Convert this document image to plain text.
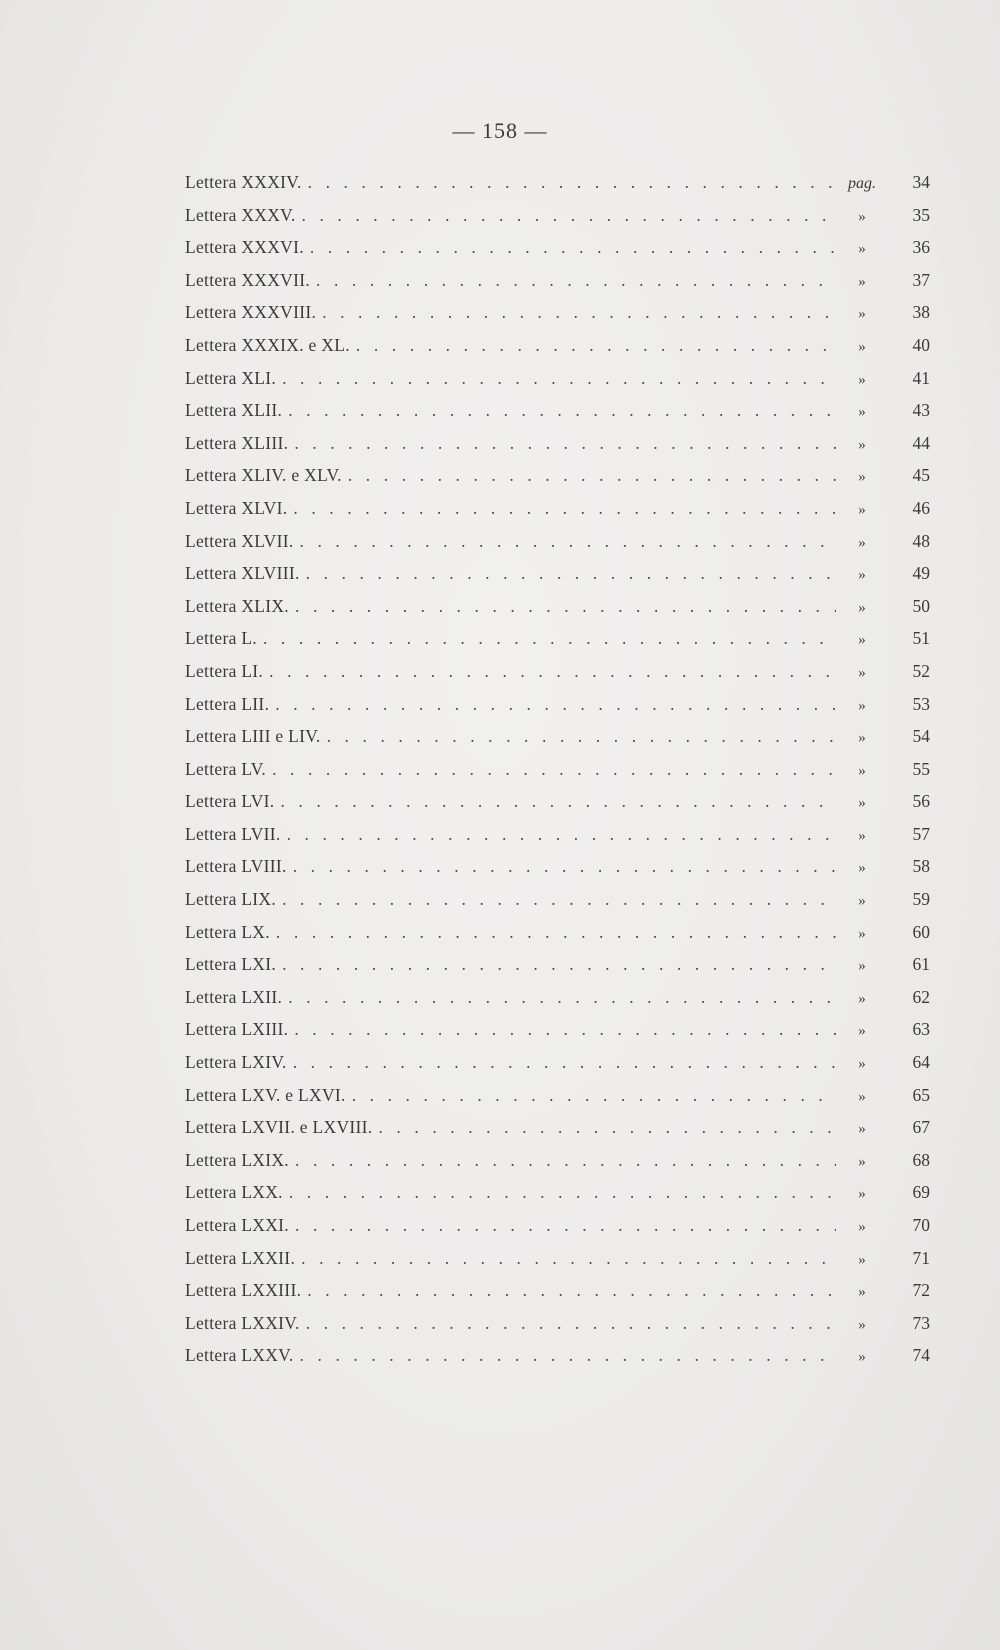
— 158 —
Lettera XXXIV. . . .	pag.	34
Lettera XXXV. . . .	»	35
Lettera XXXVI. . . .	»	36
Lettera XXXVII. . . .	»	37
Lettera XXXVIII. . . .	»	38
Lettera XXXIX. e XL. . . .	»	40
Lettera XLI. . . .	»	41
Lettera XLII. . . .	»	43
Lettera XLIII. . . .	»	44
Lettera XLIV. e XLV. . . .	»	45
Lettera XLVI. . . .	»	46
Lettera XLVII. . . .	»	48
Lettera XLVIII. . . .	»	49
Lettera XLIX. . . .	»	50
Lettera L. . . .	»	51
Lettera LI. . . .	»	52
Lettera LII. . . .	»	53
Lettera LIII e LIV. . . .	»	54
Lettera LV. . . .	»	55
Lettera LVI. . . .	»	56
Lettera LVII. . . .	»	57
Lettera LVIII. . . .	»	58
Lettera LIX. . . .	»	59
Lettera LX. . . .	»	60
Lettera LXI. . . .	»	61
Lettera LXII. . . .	»	62
Lettera LXIII. . . .	»	63
Lettera LXIV. . . .	»	64
Lettera LXV. e LXVI. . . .	»	65
Lettera LXVII. e LXVIII. . . .	»	67
Lettera LXIX. . . .	»	68
Lettera LXX. . . .	»	69
Lettera LXXI. . . .	»	70
Lettera LXXII. . . .	»	71
Lettera LXXIII. . . .	»	72
Lettera LXXIV. . . .	»	73
Lettera LXXV. . . .	»	74
